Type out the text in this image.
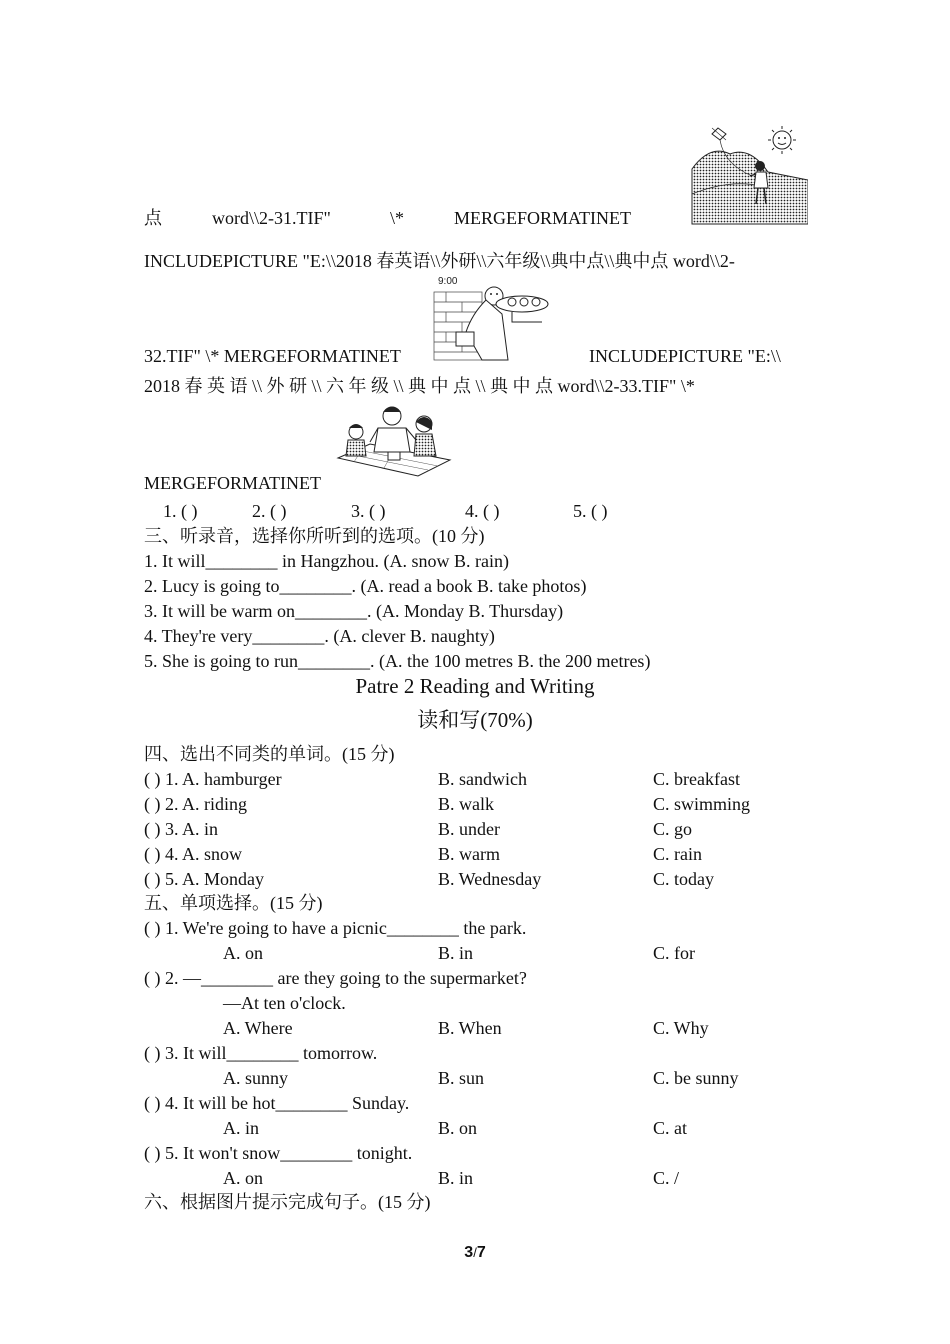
点	word\\2-31.TIF"	\*	MERGEFORMATINET
INCLUDEPICTURE "E:\\2018 春英语\\外研\\六年级\\典中点\\典中点 word\\2-
9:00
32.TIF" \* MERGEFORMATINET	INCLUDEPICTURE "E:\\
2018 春 英 语 \\ 外 研 \\ 六 年 级 \\ 典 中 点 \\ 典 中 点 word\\2-33.TIF" \*
MERGEFORMATINET
1. ( )	2. ( )	3. ( )	4. ( )	5. ( )
三、听录音，选择你所听到的选项。(10 分)
1. It will________ in Hangzhou. (A. snow B. rain)
2. Lucy is going to________. (A. read a book B. take photos)
3. It will be warm on________. (A. Monday B. Thursday)
4. They're very________. (A. clever B. naughty)
5. She is going to run________. (A. the 100 metres B. the 200 metres)
Patre 2 Reading and Writing
读和写(70%)
四、选出不同类的单词。(15 分)
( ) 1. A. hamburger	B. sandwich	C. breakfast
( ) 2. A. riding	B. walk	C. swimming
( ) 3. A. in	B. under	C. go
( ) 4. A. snow	B. warm	C. rain
( ) 5. A. Monday	B. Wednesday	C. today
五、单项选择。(15 分)
( ) 1. We're going to have a picnic________ the park.
A. on	B. in	C. for
( ) 2. —________ are they going to the supermarket?
—At ten o'clock.
A. Where	B. When	C. Why
( ) 3. It will________ tomorrow.
A. sunny	B. sun	C. be sunny
( ) 4. It will be hot________ Sunday.
A. in	B. on	C. at
( ) 5. It won't snow________ tonight.
A. on	B. in	C. /
六、根据图片提示完成句子。(15 分)
3/7
